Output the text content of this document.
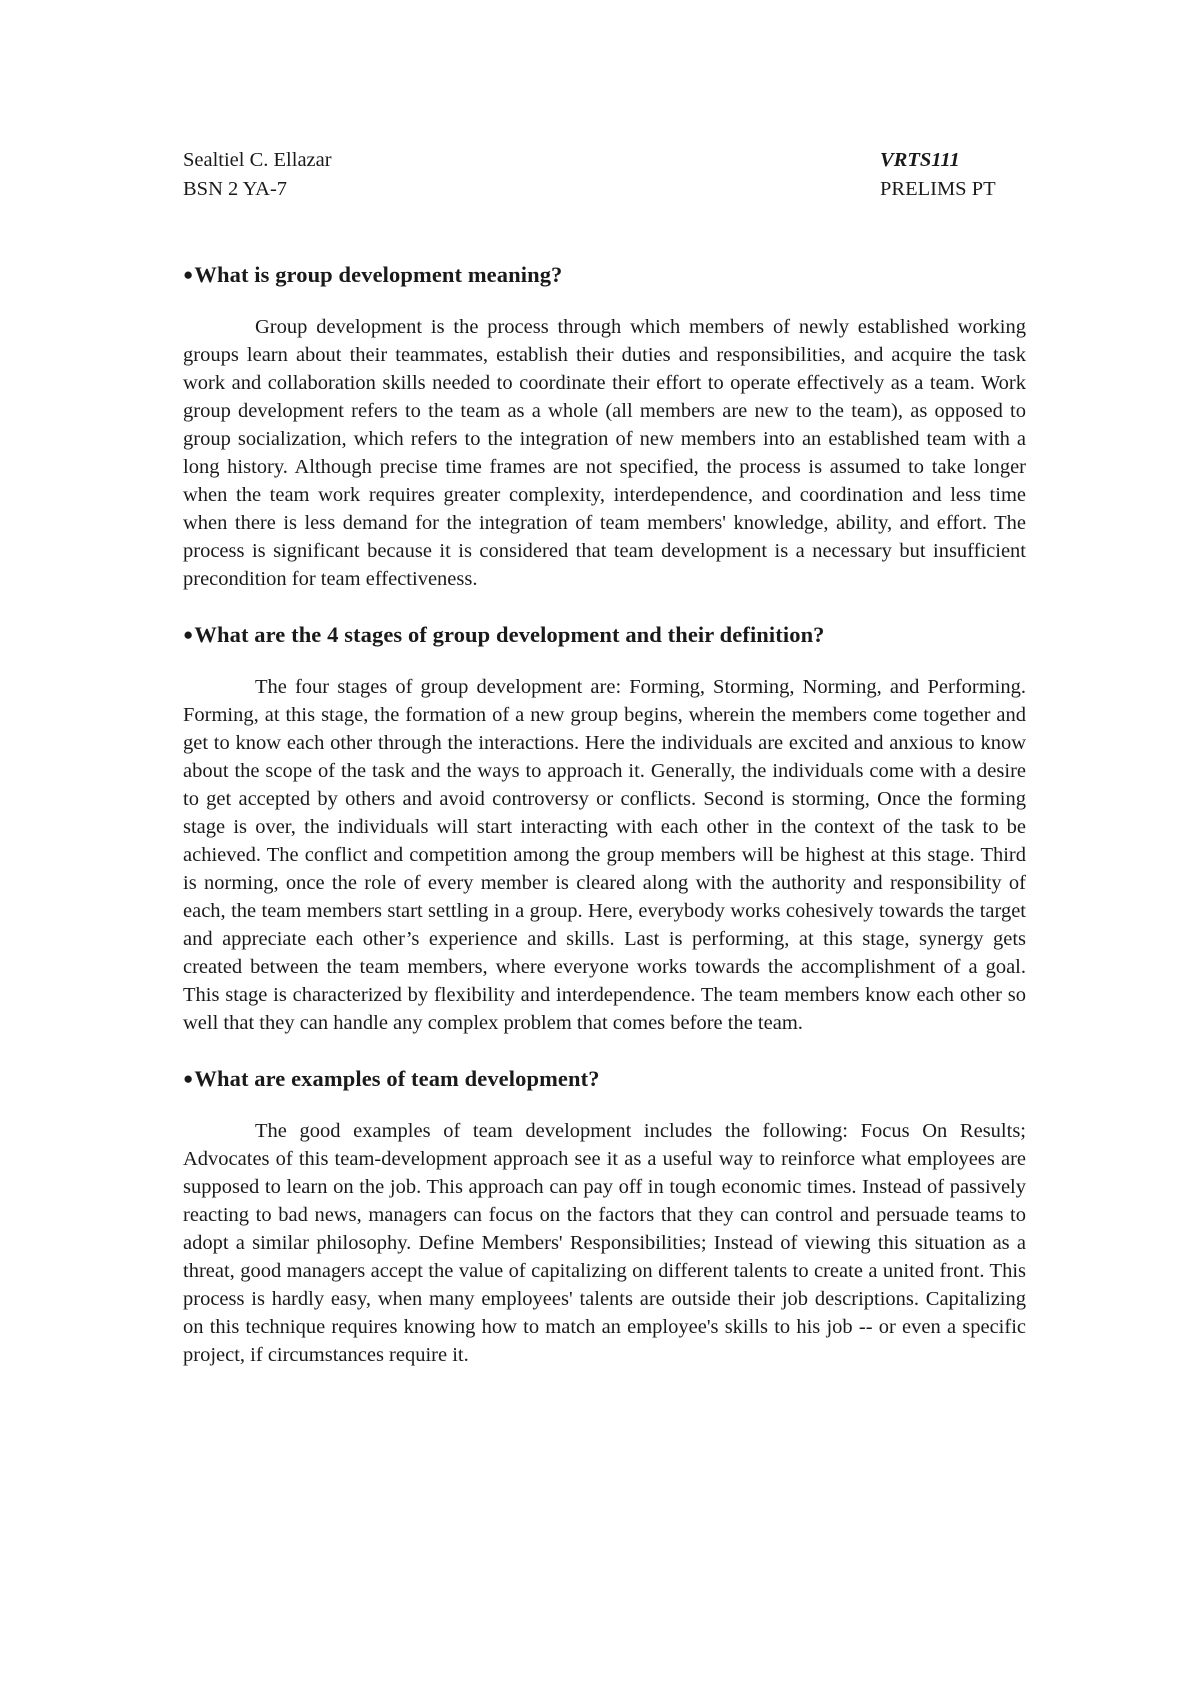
Sealtiel C. Ellazar	VRTS111
BSN 2 YA-7	PRELIMS PT
●What is group development meaning?

Group development is the process through which members of newly established working groups learn about their teammates, establish their duties and responsibilities, and acquire the task work and collaboration skills needed to coordinate their effort to operate effectively as a team. Work group development refers to the team as a whole (all members are new to the team), as opposed to group socialization, which refers to the integration of new members into an established team with a long history. Although precise time frames are not specified, the process is assumed to take longer when the team work requires greater complexity, interdependence, and coordination and less time when there is less demand for the integration of team members' knowledge, ability, and effort. The process is significant because it is considered that team development is a necessary but insufficient precondition for team effectiveness.

●What are the 4 stages of group development and their definition?

The four stages of group development are: Forming, Storming, Norming, and Performing. Forming, at this stage, the formation of a new group begins, wherein the members come together and get to know each other through the interactions. Here the individuals are excited and anxious to know about the scope of the task and the ways to approach it. Generally, the individuals come with a desire to get accepted by others and avoid controversy or conflicts. Second is storming, Once the forming stage is over, the individuals will start interacting with each other in the context of the task to be achieved. The conflict and competition among the group members will be highest at this stage. Third is norming, once the role of every member is cleared along with the authority and responsibility of each, the team members start settling in a group. Here, everybody works cohesively towards the target and appreciate each other’s experience and skills. Last is performing, at this stage, synergy gets created between the team members, where everyone works towards the accomplishment of a goal. This stage is characterized by flexibility and interdependence. The team members know each other so well that they can handle any complex problem that comes before the team.

●What are examples of team development?

The good examples of team development includes the following: Focus On Results; Advocates of this team-development approach see it as a useful way to reinforce what employees are supposed to learn on the job. This approach can pay off in tough economic times. Instead of passively reacting to bad news, managers can focus on the factors that they can control and persuade teams to adopt a similar philosophy. Define Members' Responsibilities; Instead of viewing this situation as a threat, good managers accept the value of capitalizing on different talents to create a united front. This process is hardly easy, when many employees' talents are outside their job descriptions. Capitalizing on this technique requires knowing how to match an employee's skills to his job -- or even a specific project, if circumstances require it.
